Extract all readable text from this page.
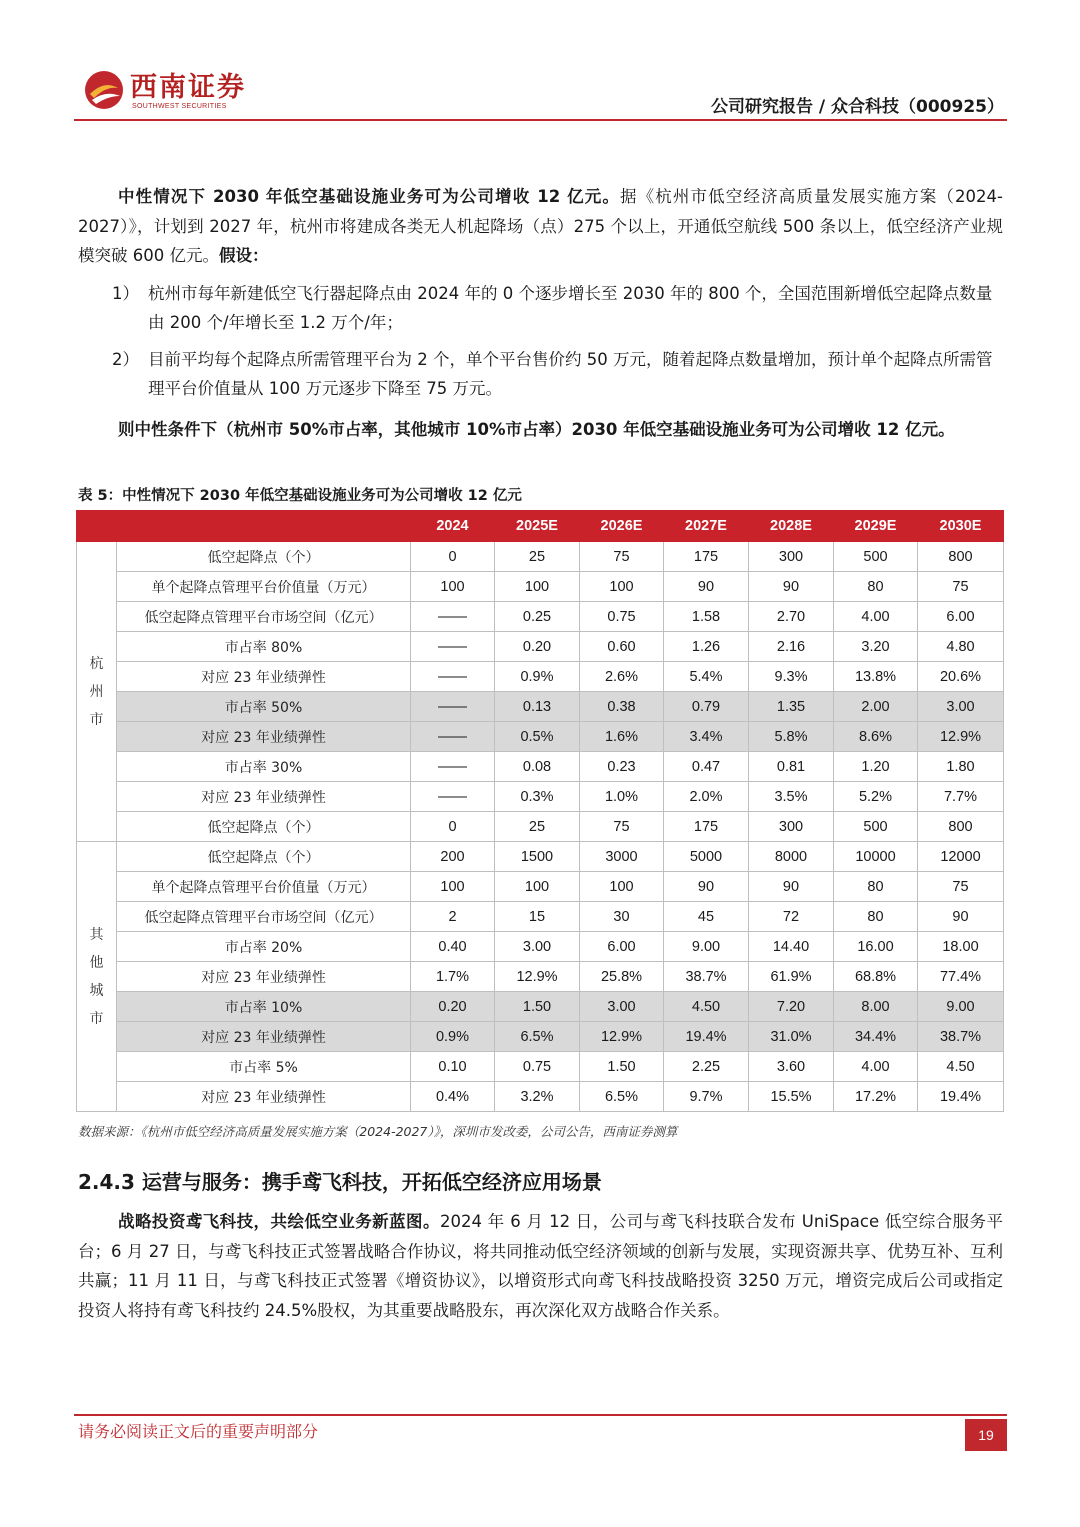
西南证券
SOUTHWEST SECURITIES	公司研究报告 / 众合科技（000925）
中性情况下 2030 年低空基础设施业务可为公司增收 12 亿元。据《杭州市低空经济高质量发展实施方案（2024-2027）》，计划到 2027 年，杭州市将建成各类无人机起降场（点）275 个以上，开通低空航线 500 条以上，低空经济产业规模突破 600 亿元。假设：
1） 杭州市每年新建低空飞行器起降点由 2024 年的 0 个逐步增长至 2030 年的 800 个，全国范围新增低空起降点数量由 200 个/年增长至 1.2 万个/年；
2） 目前平均每个起降点所需管理平台为 2 个，单个平台售价约 50 万元，随着起降点数量增加，预计单个起降点所需管理平台价值量从 100 万元逐步下降至 75 万元。
则中性条件下（杭州市 50%市占率，其他城市 10%市占率）2030 年低空基础设施业务可为公司增收 12 亿元。
表 5：中性情况下 2030 年低空基础设施业务可为公司增收 12 亿元
		2024	2025E	2026E	2027E	2028E	2029E	2030E
杭州市	低空起降点（个）	0	25	75	175	300	500	800
	单个起降点管理平台价值量（万元）	100	100	100	90	90	80	75
	低空起降点管理平台市场空间（亿元）	——	0.25	0.75	1.58	2.70	4.00	6.00
	市占率 80%	——	0.20	0.60	1.26	2.16	3.20	4.80
	对应 23 年业绩弹性	——	0.9%	2.6%	5.4%	9.3%	13.8%	20.6%
	市占率 50%	——	0.13	0.38	0.79	1.35	2.00	3.00
	对应 23 年业绩弹性	——	0.5%	1.6%	3.4%	5.8%	8.6%	12.9%
	市占率 30%	——	0.08	0.23	0.47	0.81	1.20	1.80
	对应 23 年业绩弹性	——	0.3%	1.0%	2.0%	3.5%	5.2%	7.7%
	低空起降点（个）	0	25	75	175	300	500	800
其他城市	低空起降点（个）	200	1500	3000	5000	8000	10000	12000
	单个起降点管理平台价值量（万元）	100	100	100	90	90	80	75
	低空起降点管理平台市场空间（亿元）	2	15	30	45	72	80	90
	市占率 20%	0.40	3.00	6.00	9.00	14.40	16.00	18.00
	对应 23 年业绩弹性	1.7%	12.9%	25.8%	38.7%	61.9%	68.8%	77.4%
	市占率 10%	0.20	1.50	3.00	4.50	7.20	8.00	9.00
	对应 23 年业绩弹性	0.9%	6.5%	12.9%	19.4%	31.0%	34.4%	38.7%
	市占率 5%	0.10	0.75	1.50	2.25	3.60	4.00	4.50
	对应 23 年业绩弹性	0.4%	3.2%	6.5%	9.7%	15.5%	17.2%	19.4%
数据来源：《杭州市低空经济高质量发展实施方案（2024-2027）》，深圳市发改委，公司公告，西南证券测算
2.4.3 运营与服务：携手鸢飞科技，开拓低空经济应用场景
战略投资鸢飞科技，共绘低空业务新蓝图。2024 年 6 月 12 日，公司与鸢飞科技联合发布 UniSpace 低空综合服务平台；6 月 27 日，与鸢飞科技正式签署战略合作协议，将共同推动低空经济领域的创新与发展，实现资源共享、优势互补、互利共赢；11 月 11 日，与鸢飞科技正式签署《增资协议》，以增资形式向鸢飞科技战略投资 3250 万元，增资完成后公司或指定投资人将持有鸢飞科技约 24.5%股权，为其重要战略股东，再次深化双方战略合作关系。
请务必阅读正文后的重要声明部分	19
